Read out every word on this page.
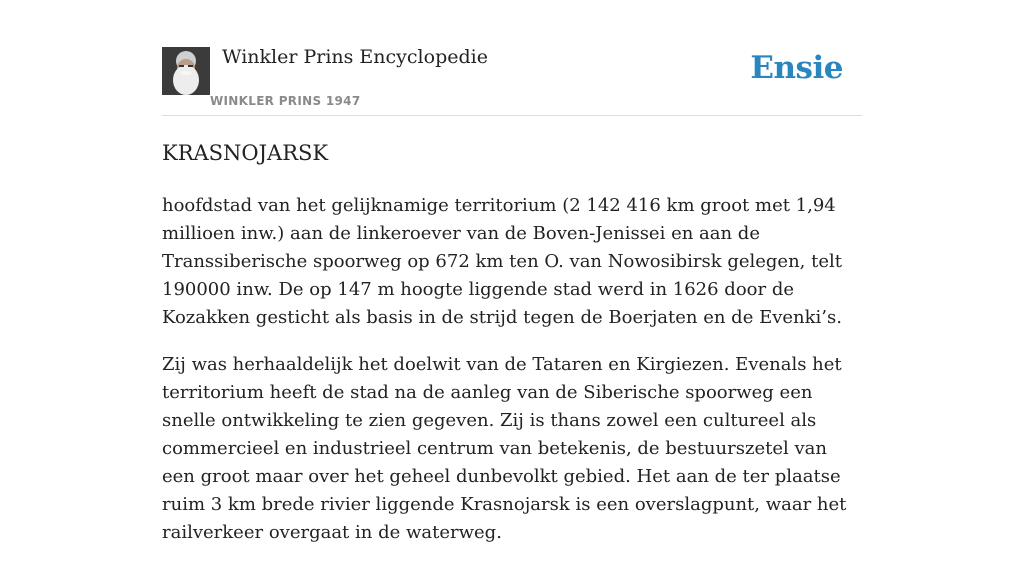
Winkler Prins Encyclopedie
WINKLER PRINS 1947
Ensie
KRASNOJARSK

hoofdstad van het gelijknamige territorium (2 142 416 km groot met 1,94 millioen inw.) aan de linkeroever van de Boven-Jenissei en aan de Transsiberische spoorweg op 672 km ten O. van Nowosibirsk gelegen, telt 190000 inw. De op 147 m hoogte liggende stad werd in 1626 door de Kozakken gesticht als basis in de strijd tegen de Boerjaten en de Evenki’s.

Zij was herhaaldelijk het doelwit van de Tataren en Kirgiezen. Evenals het territorium heeft de stad na de aanleg van de Siberische spoorweg een snelle ontwikkeling te zien gegeven. Zij is thans zowel een cultureel als commercieel en industrieel centrum van betekenis, de bestuurszetel van een groot maar over het geheel dunbevolkt gebied. Het aan de ter plaatse ruim 3 km brede rivier liggende Krasnojarsk is een overslagpunt, waar het railverkeer overgaat in de waterweg.
